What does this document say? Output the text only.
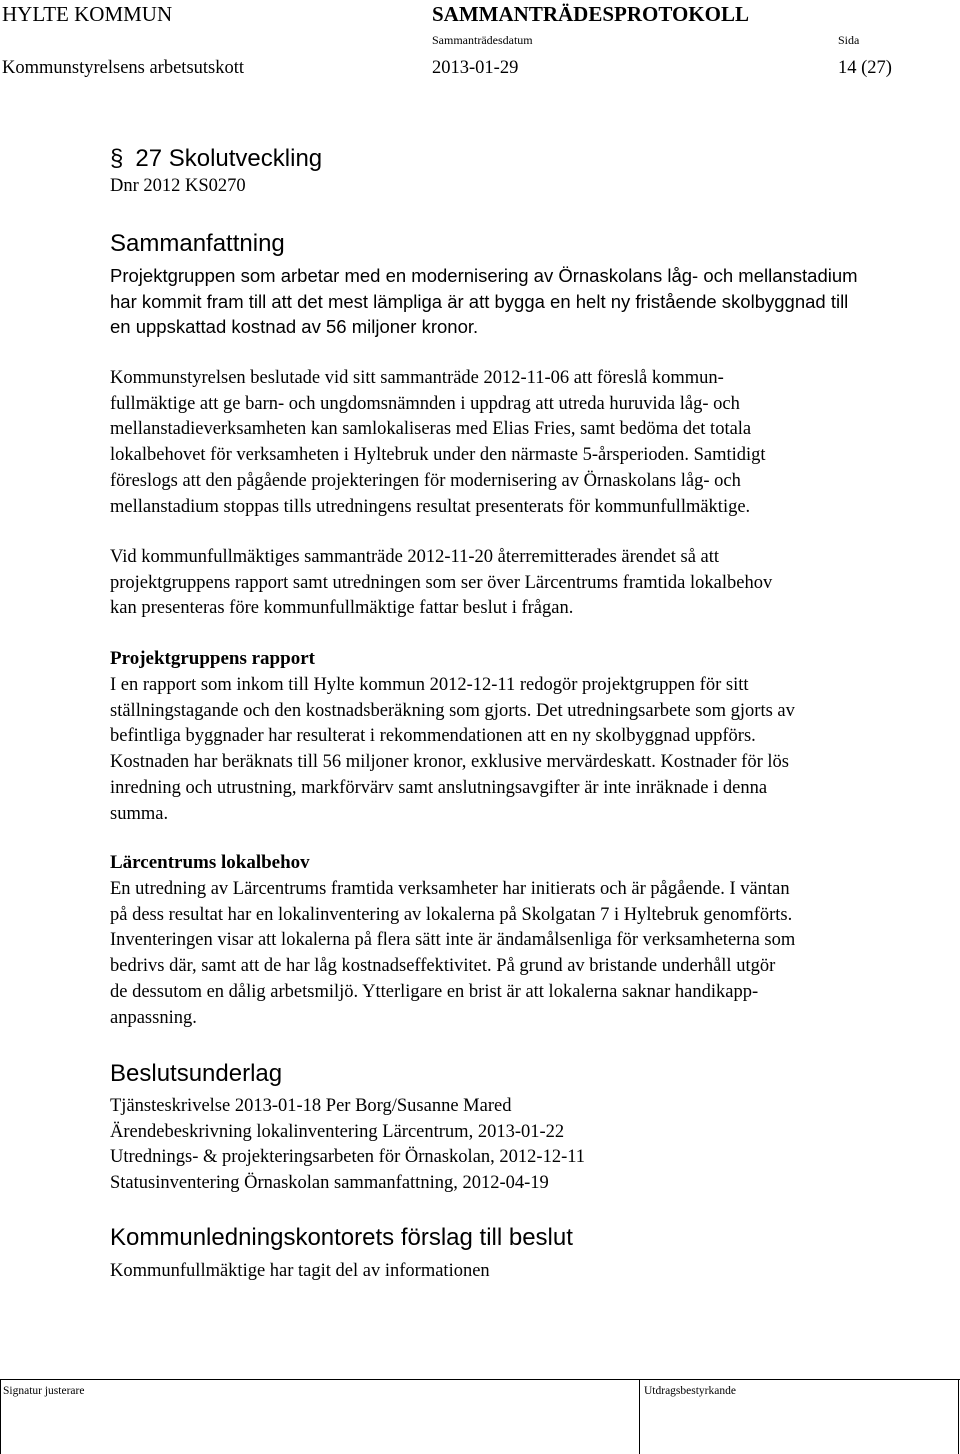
HYLTE KOMMUN	SAMMANTRÄDESPROTOKOLL
Sammanträdesdatum	Sida
Kommunstyrelsens arbetsutskott	2013-01-29	14 (27)
§ 27 Skolutveckling
Dnr 2012 KS0270
Sammanfattning

Projektgruppen som arbetar med en modernisering av Örnaskolans låg- och mellanstadium
har kommit fram till att det mest lämpliga är att bygga en helt ny fristående skolbyggnad till
en uppskattad kostnad av 56 miljoner kronor.

Kommunstyrelsen beslutade vid sitt sammanträde 2012-11-06 att föreslå kommun-
fullmäktige att ge barn- och ungdomsnämnden i uppdrag att utreda huruvida låg- och
mellanstadieverksamheten kan samlokaliseras med Elias Fries, samt bedöma det totala
lokalbehovet för verksamheten i Hyltebruk under den närmaste 5-årsperioden. Samtidigt
föreslogs att den pågående projekteringen för modernisering av Örnaskolans låg- och
mellanstadium stoppas tills utredningens resultat presenterats för kommunfullmäktige.

Vid kommunfullmäktiges sammanträde 2012-11-20 återremitterades ärendet så att
projektgruppens rapport samt utredningen som ser över Lärcentrums framtida lokalbehov
kan presenteras före kommunfullmäktige fattar beslut i frågan.

Projektgruppens rapport

I en rapport som inkom till Hylte kommun 2012-12-11 redogör projektgruppen för sitt
ställningstagande och den kostnadsberäkning som gjorts. Det utredningsarbete som gjorts av
befintliga byggnader har resulterat i rekommendationen att en ny skolbyggnad uppförs.
Kostnaden har beräknats till 56 miljoner kronor, exklusive mervärdeskatt. Kostnader för lös
inredning och utrustning, markförvärv samt anslutningsavgifter är inte inräknade i denna
summa.

Lärcentrums lokalbehov

En utredning av Lärcentrums framtida verksamheter har initierats och är pågående. I väntan
på dess resultat har en lokalinventering av lokalerna på Skolgatan 7 i Hyltebruk genomförts.
Inventeringen visar att lokalerna på flera sätt inte är ändamålsenliga för verksamheterna som
bedrivs där, samt att de har låg kostnadseffektivitet. På grund av bristande underhåll utgör
de dessutom en dålig arbetsmiljö. Ytterligare en brist är att lokalerna saknar handikapp-
anpassning.

Beslutsunderlag
Tjänsteskrivelse 2013-01-18 Per Borg/Susanne Mared
Ärendebeskrivning lokalinventering Lärcentrum, 2013-01-22
Utrednings- & projekteringsarbeten för Örnaskolan, 2012-12-11
Statusinventering Örnaskolan sammanfattning, 2012-04-19
Kommunledningskontorets förslag till beslut
Kommunfullmäktige har tagit del av informationen
Signatur justerare	Utdragsbestyrkande
